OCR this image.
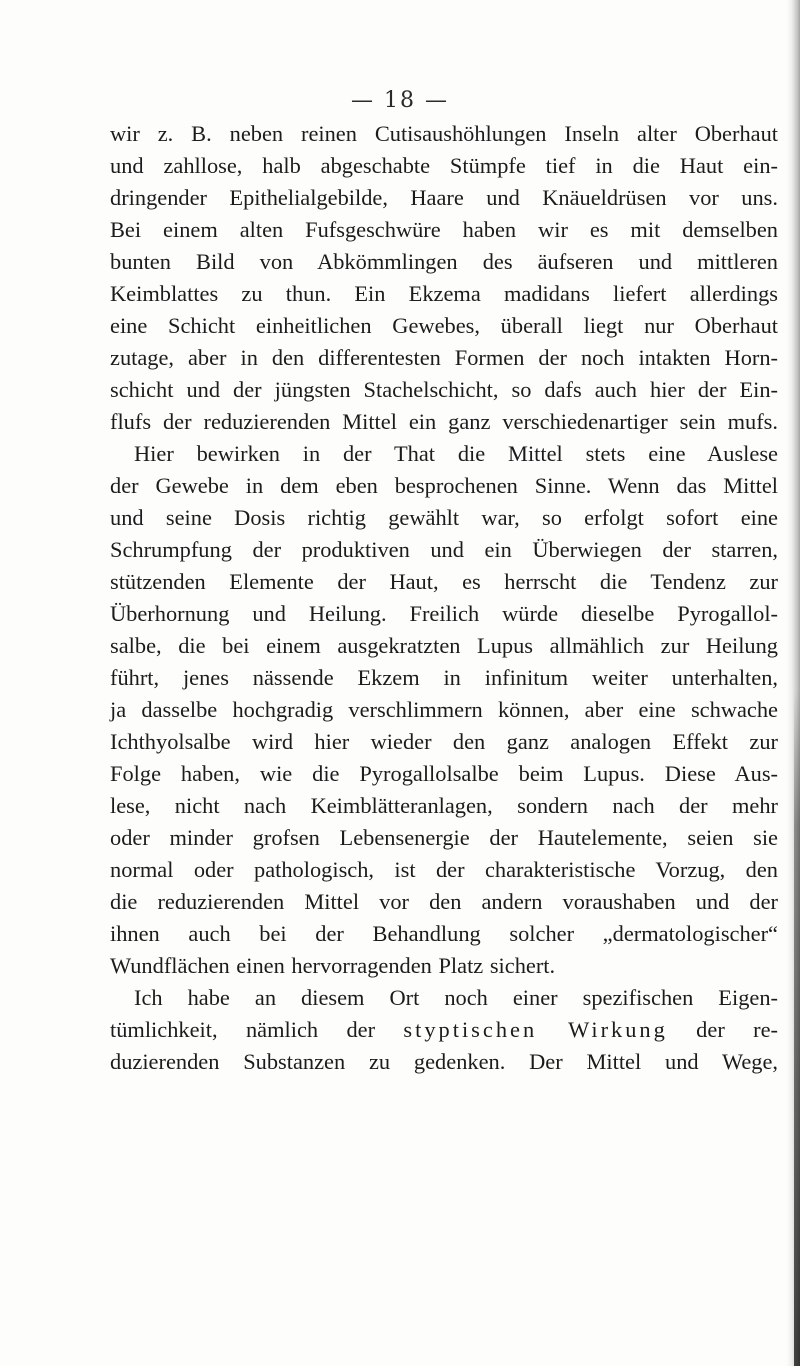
— 18 —
wir z. B. neben reinen Cutisaushöhlungen Inseln alter Oberhaut
und zahllose, halb abgeschabte Stümpfe tief in die Haut ein-
dringender Epithelialgebilde, Haare und Knäueldrüsen vor uns.
Bei einem alten Fufsgeschwüre haben wir es mit demselben
bunten Bild von Abkömmlingen des äufseren und mittleren
Keimblattes zu thun. Ein Ekzema madidans liefert allerdings
eine Schicht einheitlichen Gewebes, überall liegt nur Oberhaut
zutage, aber in den differentesten Formen der noch intakten Horn-
schicht und der jüngsten Stachelschicht, so dafs auch hier der Ein-
flufs der reduzierenden Mittel ein ganz verschiedenartiger sein mufs.
Hier bewirken in der That die Mittel stets eine Auslese
der Gewebe in dem eben besprochenen Sinne. Wenn das Mittel
und seine Dosis richtig gewählt war, so erfolgt sofort eine
Schrumpfung der produktiven und ein Überwiegen der starren,
stützenden Elemente der Haut, es herrscht die Tendenz zur
Überhornung und Heilung. Freilich würde dieselbe Pyrogallol-
salbe, die bei einem ausgekratzten Lupus allmählich zur Heilung
führt, jenes nässende Ekzem in infinitum weiter unterhalten,
ja dasselbe hochgradig verschlimmern können, aber eine schwache
Ichthyolsalbe wird hier wieder den ganz analogen Effekt zur
Folge haben, wie die Pyrogallolsalbe beim Lupus. Diese Aus-
lese, nicht nach Keimblätteranlagen, sondern nach der mehr
oder minder grofsen Lebensenergie der Hautelemente, seien sie
normal oder pathologisch, ist der charakteristische Vorzug, den
die reduzierenden Mittel vor den andern voraushaben und der
ihnen auch bei der Behandlung solcher „dermatologischer“
Wundflächen einen hervorragenden Platz sichert.
Ich habe an diesem Ort noch einer spezifischen Eigen-
tümlichkeit, nämlich der styptischen Wirkung der re-
duzierenden Substanzen zu gedenken. Der Mittel und Wege,
